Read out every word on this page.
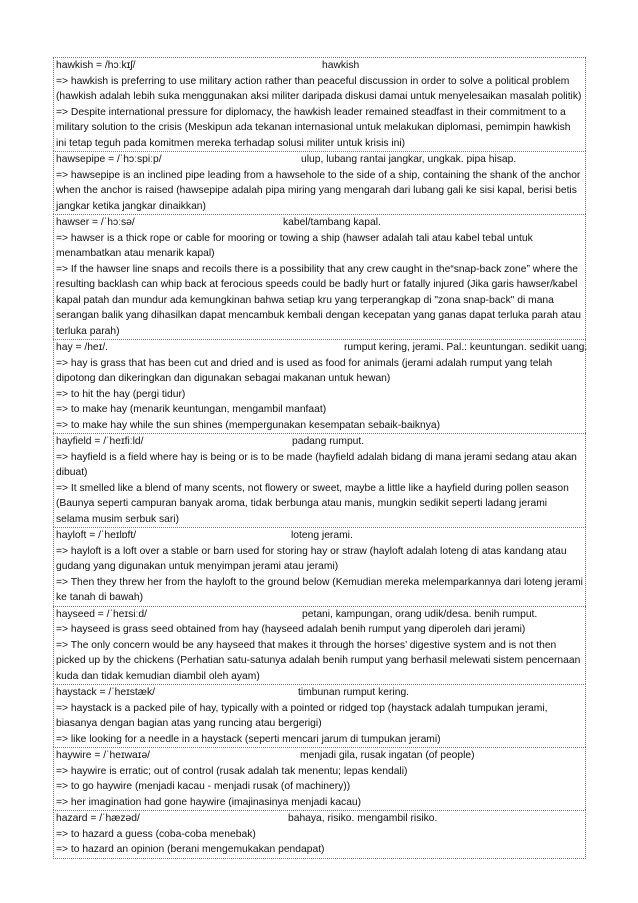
hawkish = /hɔːkɪʃ/	hawkish
=> hawkish is preferring to use military action rather than peaceful discussion in order to solve a political problem (hawkish adalah lebih suka menggunakan aksi militer daripada diskusi damai untuk menyelesaikan masalah politik)
=> Despite international pressure for diplomacy, the hawkish leader remained steadfast in their commitment to a military solution to the crisis (Meskipun ada tekanan internasional untuk melakukan diplomasi, pemimpin hawkish ini tetap teguh pada komitmen mereka terhadap solusi militer untuk krisis ini)
hawsepipe = /ˈhɔːspiːp/	ulup, lubang rantai jangkar, ungkak. pipa hisap.
=> hawsepipe is an inclined pipe leading from a hawsehole to the side of a ship, containing the shank of the anchor when the anchor is raised (hawsepipe adalah pipa miring yang mengarah dari lubang gali ke sisi kapal, berisi betis jangkar ketika jangkar dinaikkan)
hawser = /ˈhɔːsə/	kabel/tambang kapal.
=> hawser is a thick rope or cable for mooring or towing a ship (hawser adalah tali atau kabel tebal untuk menambatkan atau menarik kapal)
=> If the hawser line snaps and recoils there is a possibility that any crew caught in the“snap-back zone” where the resulting backlash can whip back at ferocious speeds could be badly hurt or fatally injured (Jika garis hawser/kabel kapal patah dan mundur ada kemungkinan bahwa setiap kru yang terperangkap di "zona snap-back" di mana serangan balik yang dihasilkan dapat mencambuk kembali dengan kecepatan yang ganas dapat terluka parah atau terluka parah)
hay = /heɪ/.	rumput kering, jerami. Pal.: keuntungan. sedikit uang.
=> hay is grass that has been cut and dried and is used as food for animals (jerami adalah rumput yang telah dipotong dan dikeringkan dan digunakan sebagai makanan untuk hewan)
=> to hit the hay (pergi tidur)
=> to make hay (menarik keuntungan, mengambil manfaat)
=> to make hay while the sun shines (mempergunakan kesempatan sebaik-baiknya)
hayfield = /ˈheɪfiːld/	padang rumput.
=> hayfield is a field where hay is being or is to be made (hayfield adalah bidang di mana jerami sedang atau akan dibuat)
=> It smelled like a blend of many scents, not flowery or sweet, maybe a little like a hayfield during pollen season (Baunya seperti campuran banyak aroma, tidak berbunga atau manis, mungkin sedikit seperti ladang jerami selama musim serbuk sari)
hayloft = /ˈheɪlɒft/	loteng jerami.
=> hayloft is a loft over a stable or barn used for storing hay or straw (hayloft adalah loteng di atas kandang atau gudang yang digunakan untuk menyimpan jerami atau jerami)
=> Then they threw her from the hayloft to the ground below (Kemudian mereka melemparkannya dari loteng jerami ke tanah di bawah)
hayseed = /ˈheɪsiːd/	petani, kampungan, orang udik/desa. benih rumput.
=> hayseed is grass seed obtained from hay (hayseed adalah benih rumput yang diperoleh dari jerami)
=> The only concern would be any hayseed that makes it through the horses’ digestive system and is not then picked up by the chickens (Perhatian satu-satunya adalah benih rumput yang berhasil melewati sistem pencernaan kuda dan tidak kemudian diambil oleh ayam)
haystack = /ˈheɪstæk/	timbunan rumput kering.
=> haystack is a packed pile of hay, typically with a pointed or ridged top (haystack adalah tumpukan jerami, biasanya dengan bagian atas yang runcing atau bergerigi)
=> like looking for a needle in a haystack (seperti mencari jarum di tumpukan jerami)
haywire = /ˈheɪwaɪə/	menjadi gila, rusak ingatan (of people)
=> haywire is erratic; out of control (rusak adalah tak menentu; lepas kendali)
=> to go haywire (menjadi kacau - menjadi rusak (of machinery))
=> her imagination had gone haywire (imajinasinya menjadi kacau)
hazard = /ˈhæzəd/	bahaya, risiko. mengambil risiko.
=> to hazard a guess (coba-coba menebak)
=> to hazard an opinion (berani mengemukakan pendapat)
